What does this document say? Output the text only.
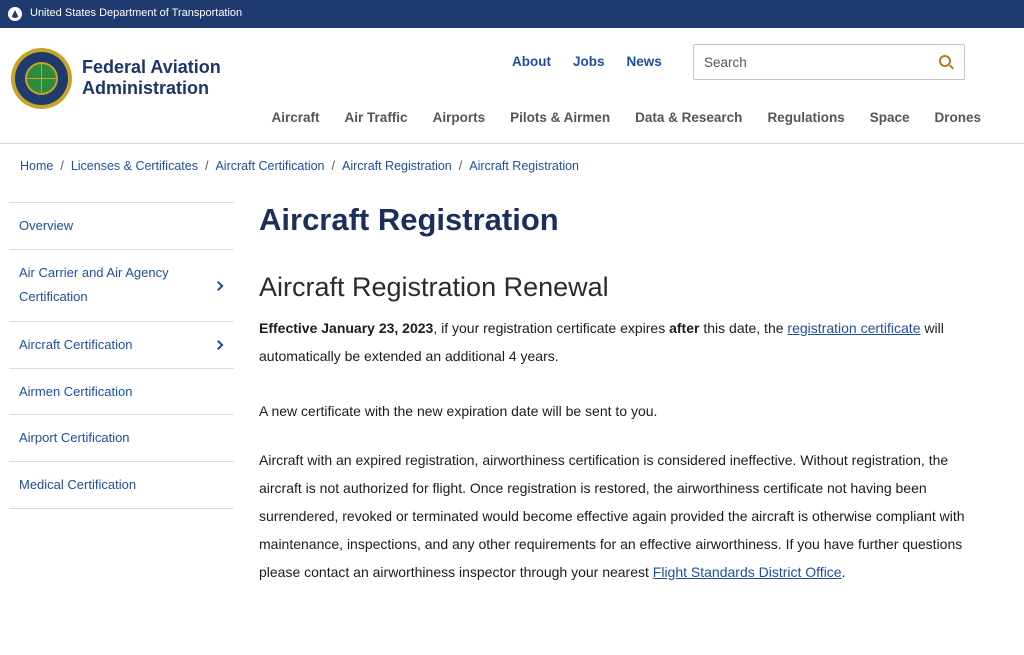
United States Department of Transportation
Federal Aviation
Administration
About Jobs News
Search
Aircraft Air Traffic Airports Pilots & Airmen Data & Research Regulations Space Drones
Home / Licenses & Certificates / Aircraft Certification / Aircraft Registration / Aircraft Registration
Overview
Air Carrier and Air Agency Certification
Aircraft Certification
Airmen Certification
Airport Certification
Medical Certification
Aircraft Registration
Aircraft Registration Renewal

Effective January 23, 2023, if your registration certificate expires after this date, the registration certificate will automatically be extended an additional 4 years.

A new certificate with the new expiration date will be sent to you.

Aircraft with an expired registration, airworthiness certification is considered ineffective. Without registration, the aircraft is not authorized for flight. Once registration is restored, the airworthiness certificate not having been surrendered, revoked or terminated would become effective again provided the aircraft is otherwise compliant with maintenance, inspections, and any other requirements for an effective airworthiness. If you have further questions please contact an airworthiness inspector through your nearest Flight Standards District Office.
